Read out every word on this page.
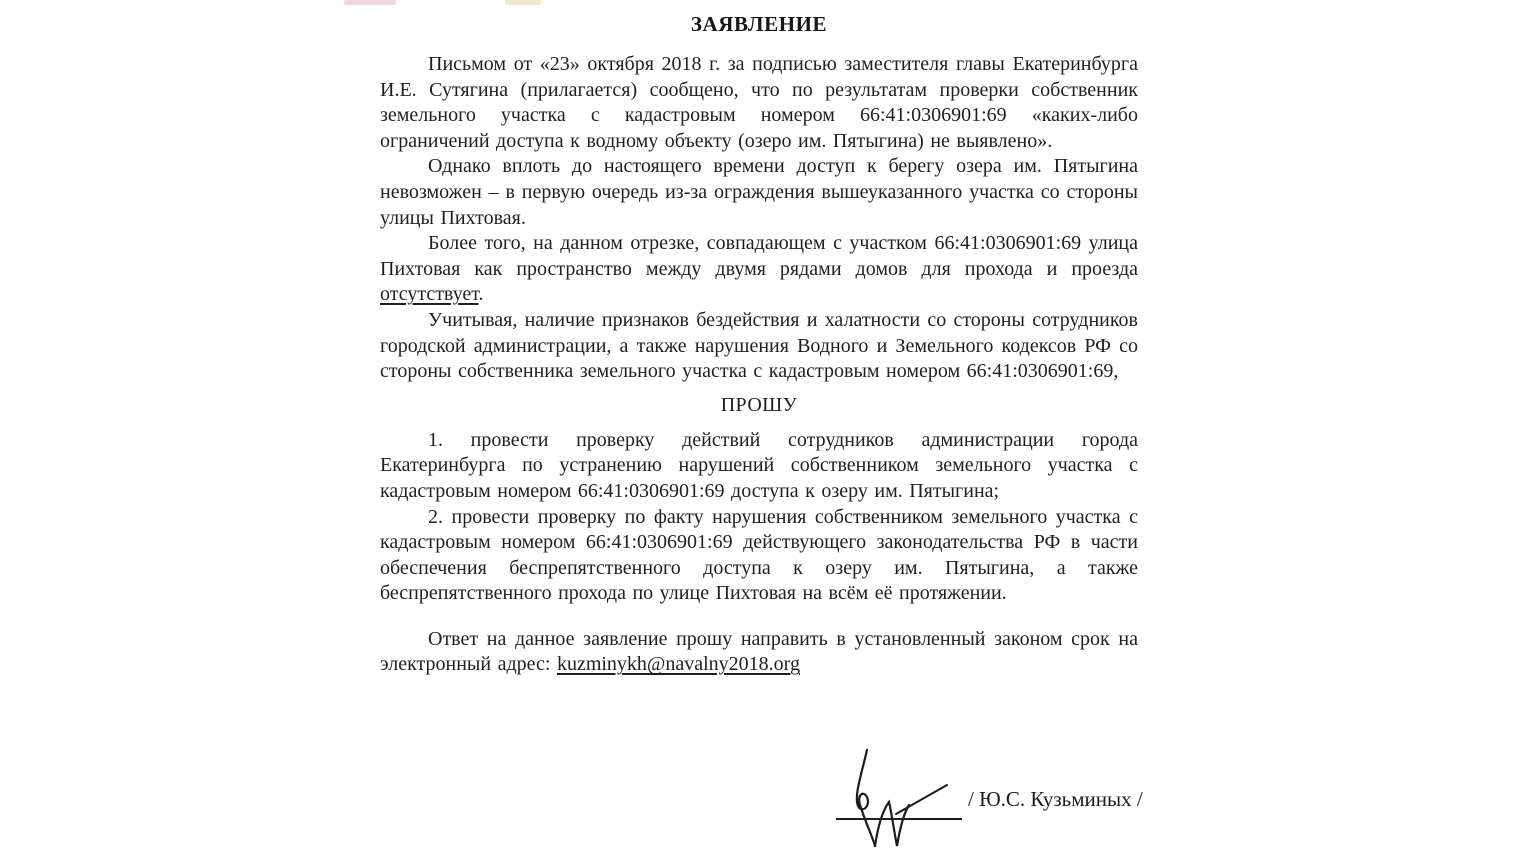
ЗАЯВЛЕНИЕ

Письмом от «23» октября 2018 г. за подписью заместителя главы Екатеринбурга И.Е. Сутягина (прилагается) сообщено, что по результатам проверки собственник земельного участка с кадастровым номером 66:41:0306901:69 «каких-либо ограничений доступа к водному объекту (озеро им. Пятыгина) не выявлено».

Однако вплоть до настоящего времени доступ к берегу озера им. Пятыгина невозможен – в первую очередь из-за ограждения вышеуказанного участка со стороны улицы Пихтовая.

Более того, на данном отрезке, совпадающем с участком 66:41:0306901:69 улица Пихтовая как пространство между двумя рядами домов для прохода и проезда отсутствует.

Учитывая, наличие признаков бездействия и халатности со стороны сотрудников городской администрации, а также нарушения Водного и Земельного кодексов РФ со стороны собственника земельного участка с кадастровым номером 66:41:0306901:69,

ПРОШУ

1. провести проверку действий сотрудников администрации города Екатеринбурга по устранению нарушений собственником земельного участка с кадастровым номером 66:41:0306901:69 доступа к озеру им. Пятыгина;

2. провести проверку по факту нарушения собственником земельного участка с кадастровым номером 66:41:0306901:69 действующего законодательства РФ в части обеспечения беспрепятственного доступа к озеру им. Пятыгина, а также беспрепятственного прохода по улице Пихтовая на всём её протяжении.

Ответ на данное заявление прошу направить в установленный законом срок на электронный адрес: kuzminykh@navalny2018.org

/ Ю.С. Кузьминых /
